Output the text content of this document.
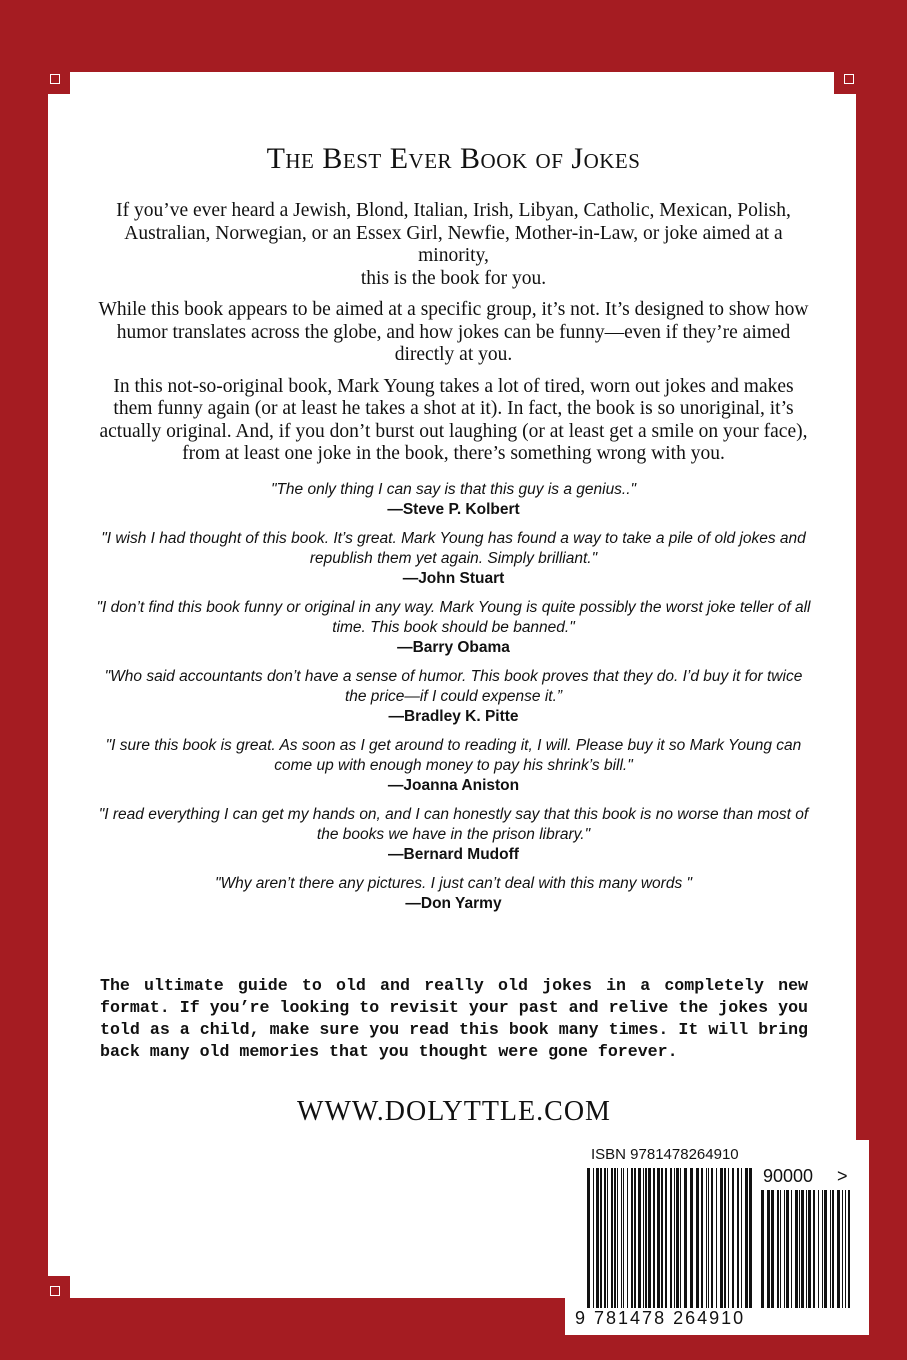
The Best Ever Book of Jokes

If you’ve ever heard a Jewish, Blond, Italian, Irish, Libyan, Catholic, Mexican, Polish, Australian, Norwegian, or an Essex Girl, Newfie, Mother-in-Law, or joke aimed at a minority,
this is the book for you.

While this book appears to be aimed at a specific group, it’s not. It’s designed to show how humor translates across the globe, and how jokes can be funny—even if they’re aimed directly at you.

In this not-so-original book, Mark Young takes a lot of tired, worn out jokes and makes them funny again (or at least he takes a shot at it). In fact, the book is so unoriginal, it’s actually original. And, if you don’t burst out laughing (or at least get a smile on your face), from at least one joke in the book, there’s something wrong with you.

"The only thing I can say is that this guy is a genius.."
—Steve P. Kolbert
"I wish I had thought of this book. It’s great. Mark Young has found a way to take a pile of old jokes and republish them yet again. Simply brilliant."
—John Stuart
"I don’t find this book funny or original in any way. Mark Young is quite possibly the worst joke teller of all time. This book should be banned."
—Barry Obama
"Who said accountants don’t have a sense of humor. This book proves that they do. I’d buy it for twice the price—if I could expense it.”
—Bradley K. Pitte
"I sure this book is great. As soon as I get around to reading it, I will. Please buy it so Mark Young can come up with enough money to pay his shrink’s bill."
—Joanna Aniston
"I read everything I can get my hands on, and I can honestly say that this book is no worse than most of the books we have in the prison library."
—Bernard Mudoff
"Why aren’t there any pictures. I just can’t deal with this many words "
—Don Yarmy
The ultimate guide to old and really old jokes in a completely new format. If you’re looking to revisit your past and relive the jokes you told as a child, make sure you read this book many times. It will bring back many old memories that you thought were gone forever.
WWW.DOLYTTLE.COM
ISBN 9781478264910
90000 >
9 781478 264910
